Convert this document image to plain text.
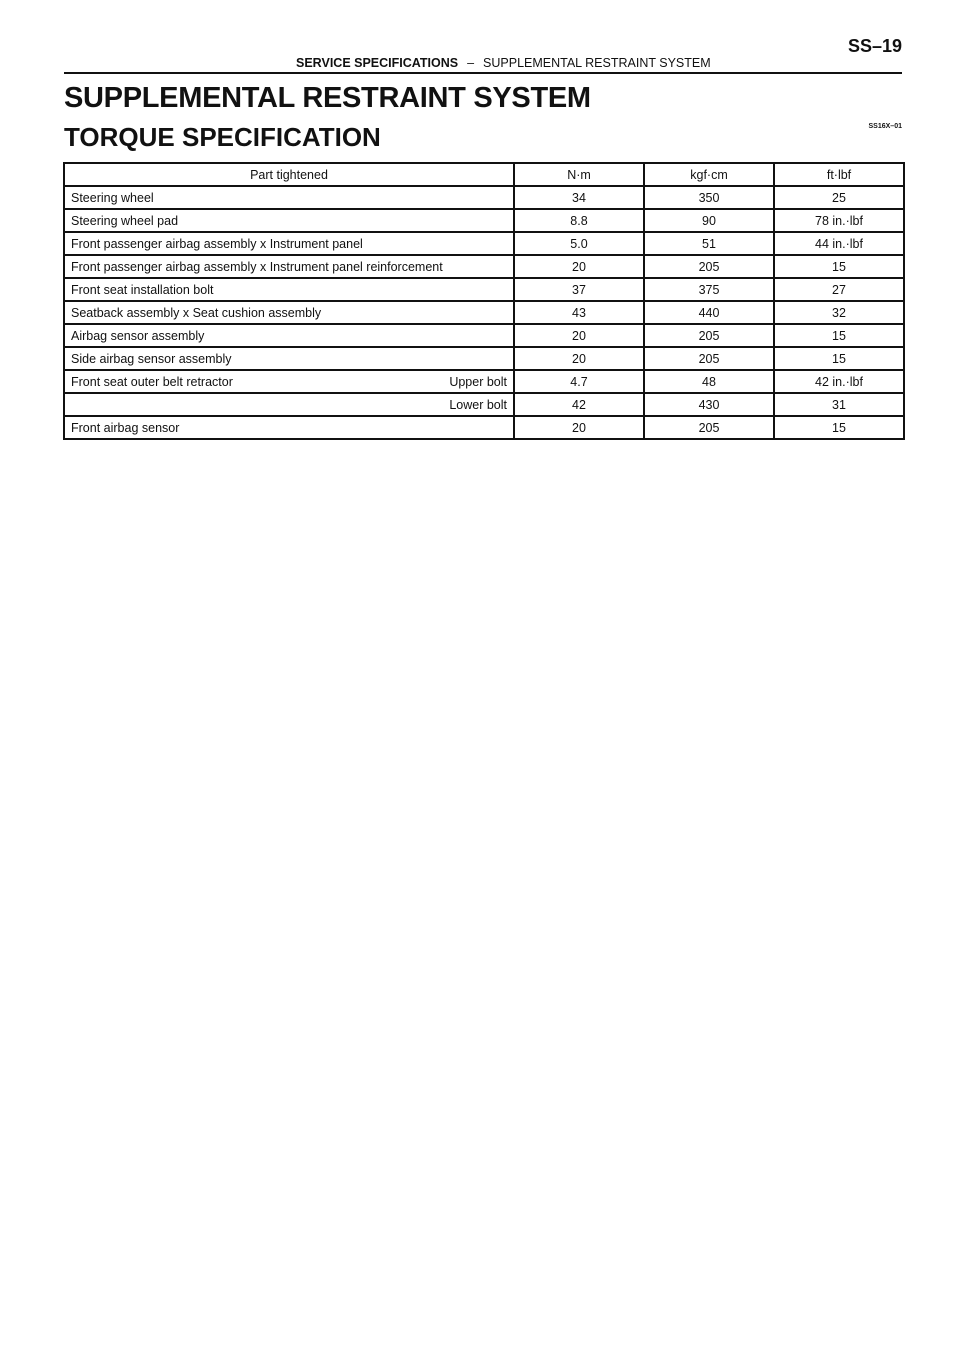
SS–19
SERVICE SPECIFICATIONS – SUPPLEMENTAL RESTRAINT SYSTEM
SUPPLEMENTAL RESTRAINT SYSTEM
TORQUE SPECIFICATION	SS16X–01
Part tightened	N·m	kgf·cm	ft·lbf

Steering wheel	34	350	25

Steering wheel pad	8.8	90	78 in.·lbf

Front passenger airbag assembly x Instrument panel	5.0	51	44 in.·lbf

Front passenger airbag assembly x Instrument panel reinforcement	20	205	15

Front seat installation bolt	37	375	27

Seatback assembly x Seat cushion assembly	43	440	32

Airbag sensor assembly	20	205	15

Side airbag sensor assembly	20	205	15

Front seat outer belt retractor Upper bolt	4.7	48	42 in.·lbf

Lower bolt	42	430	31

Front airbag sensor	20	205	15
